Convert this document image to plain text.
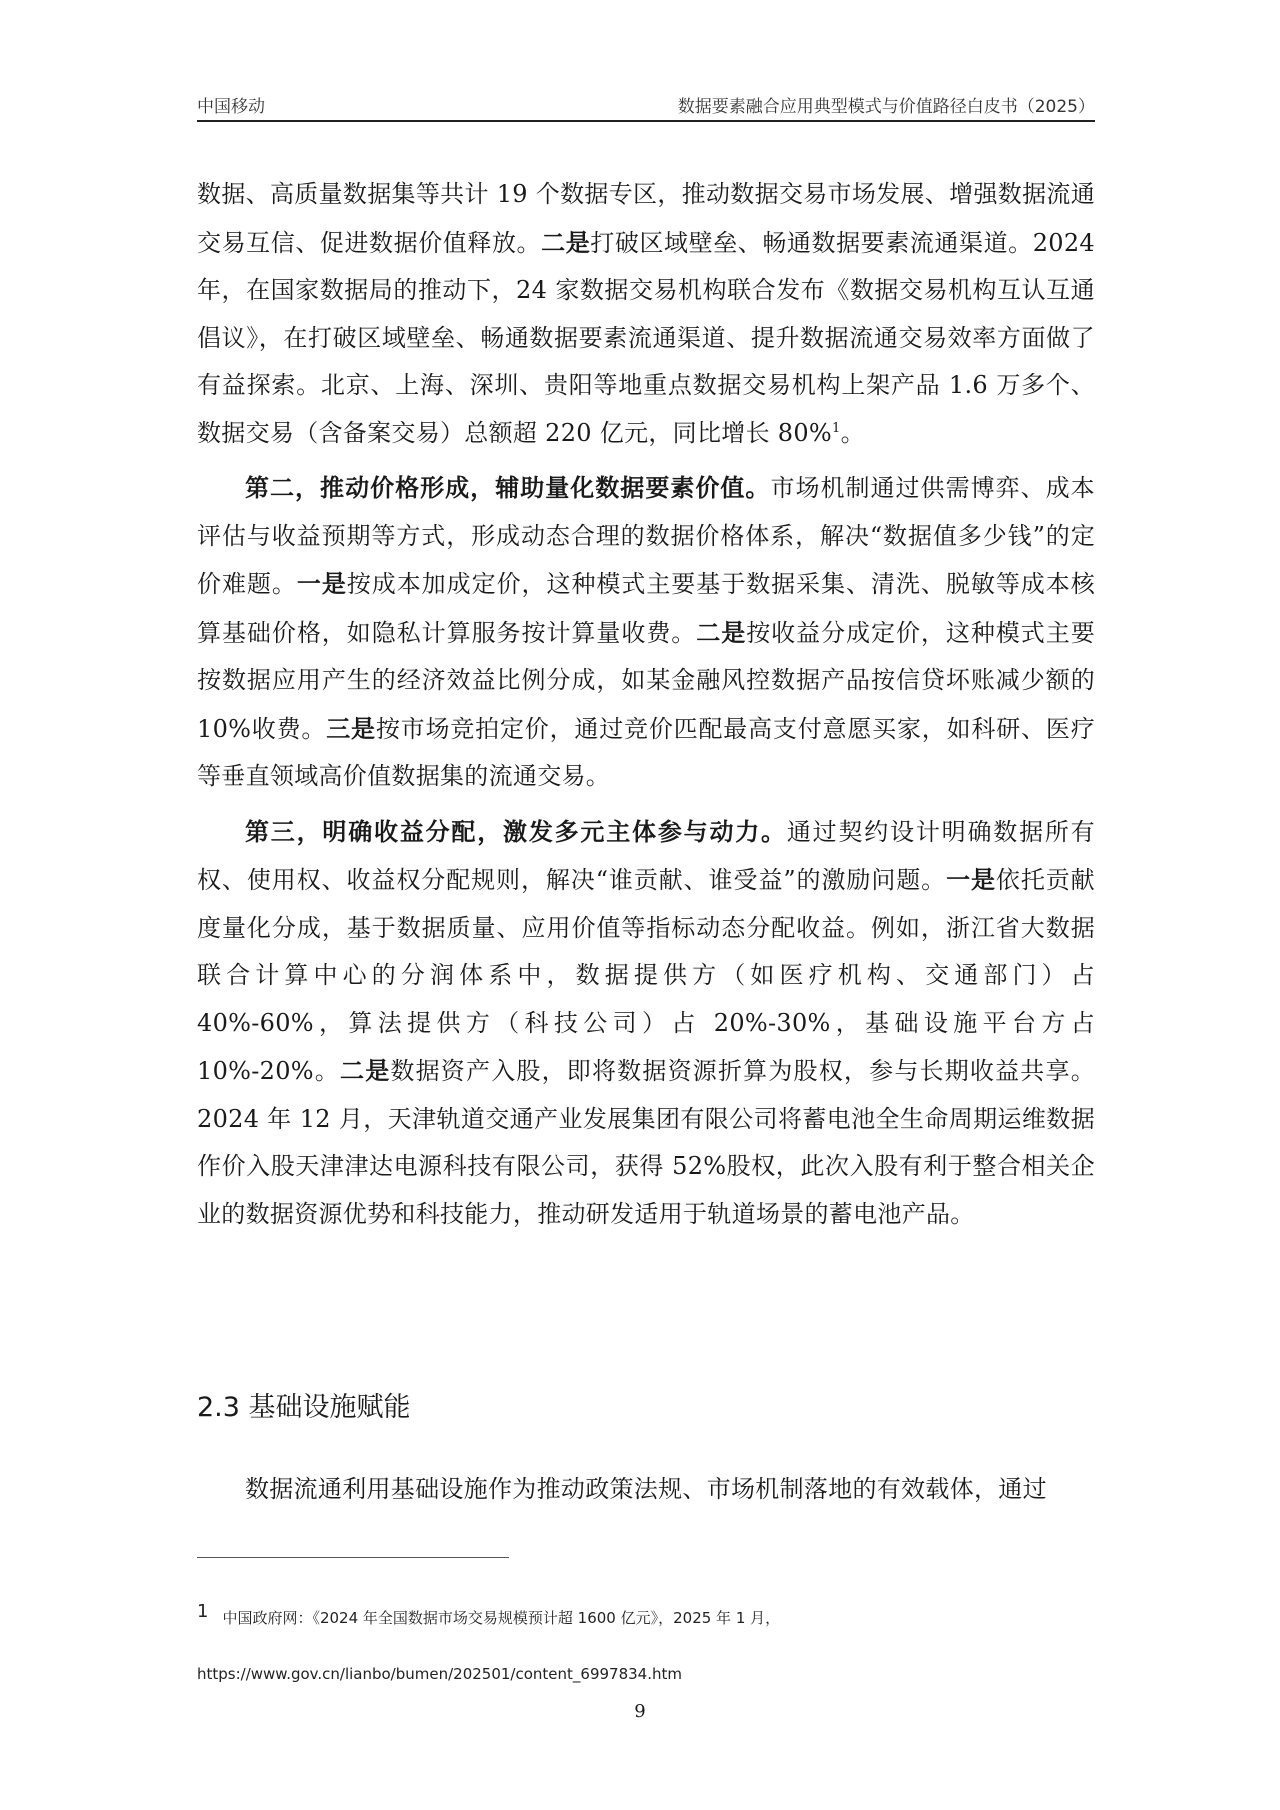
中国移动	数据要素融合应用典型模式与价值路径白皮书（2025）

数据、高质量数据集等共计 19 个数据专区，推动数据交易市场发展、增强数据流通交易互信、促进数据价值释放。二是打破区域壁垒、畅通数据要素流通渠道。2024 年，在国家数据局的推动下，24 家数据交易机构联合发布《数据交易机构互认互通倡议》，在打破区域壁垒、畅通数据要素流通渠道、提升数据流通交易效率方面做了有益探索。北京、上海、深圳、贵阳等地重点数据交易机构上架产品 1.6 万多个、数据交易（含备案交易）总额超 220 亿元，同比增长 80%$^1$。

第二，推动价格形成，辅助量化数据要素价值。市场机制通过供需博弈、成本评估与收益预期等方式，形成动态合理的数据价格体系，解决“数据值多少钱”的定价难题。一是按成本加成定价，这种模式主要基于数据采集、清洗、脱敏等成本核算基础价格，如隐私计算服务按计算量收费。二是按收益分成定价，这种模式主要按数据应用产生的经济效益比例分成，如某金融风控数据产品按信贷坏账减少额的 10%收费。三是按市场竞拍定价，通过竞价匹配最高支付意愿买家，如科研、医疗等垂直领域高价值数据集的流通交易。

第三，明确收益分配，激发多元主体参与动力。通过契约设计明确数据所有权、使用权、收益权分配规则，解决“谁贡献、谁受益”的激励问题。一是依托贡献度量化分成，基于数据质量、应用价值等指标动态分配收益。例如，浙江省大数据联合计算中心的分润体系中，数据提供方（如医疗机构、交通部门）占 40%-60%，算法提供方（科技公司）占 20%-30%，基础设施平台方占 10%-20%。二是数据资产入股，即将数据资源折算为股权，参与长期收益共享。2024 年 12 月，天津轨道交通产业发展集团有限公司将蓄电池全生命周期运维数据作价入股天津津达电源科技有限公司，获得 52%股权，此次入股有利于整合相关企业的数据资源优势和科技能力，推动研发适用于轨道场景的蓄电池产品。

2.3 基础设施赋能

数据流通利用基础设施作为推动政策法规、市场机制落地的有效载体，通过

1 中国政府网：《2024 年全国数据市场交易规模预计超 1600 亿元》，2025 年 1 月，

https://www.gov.cn/lianbo/bumen/202501/content_6997834.htm

9
